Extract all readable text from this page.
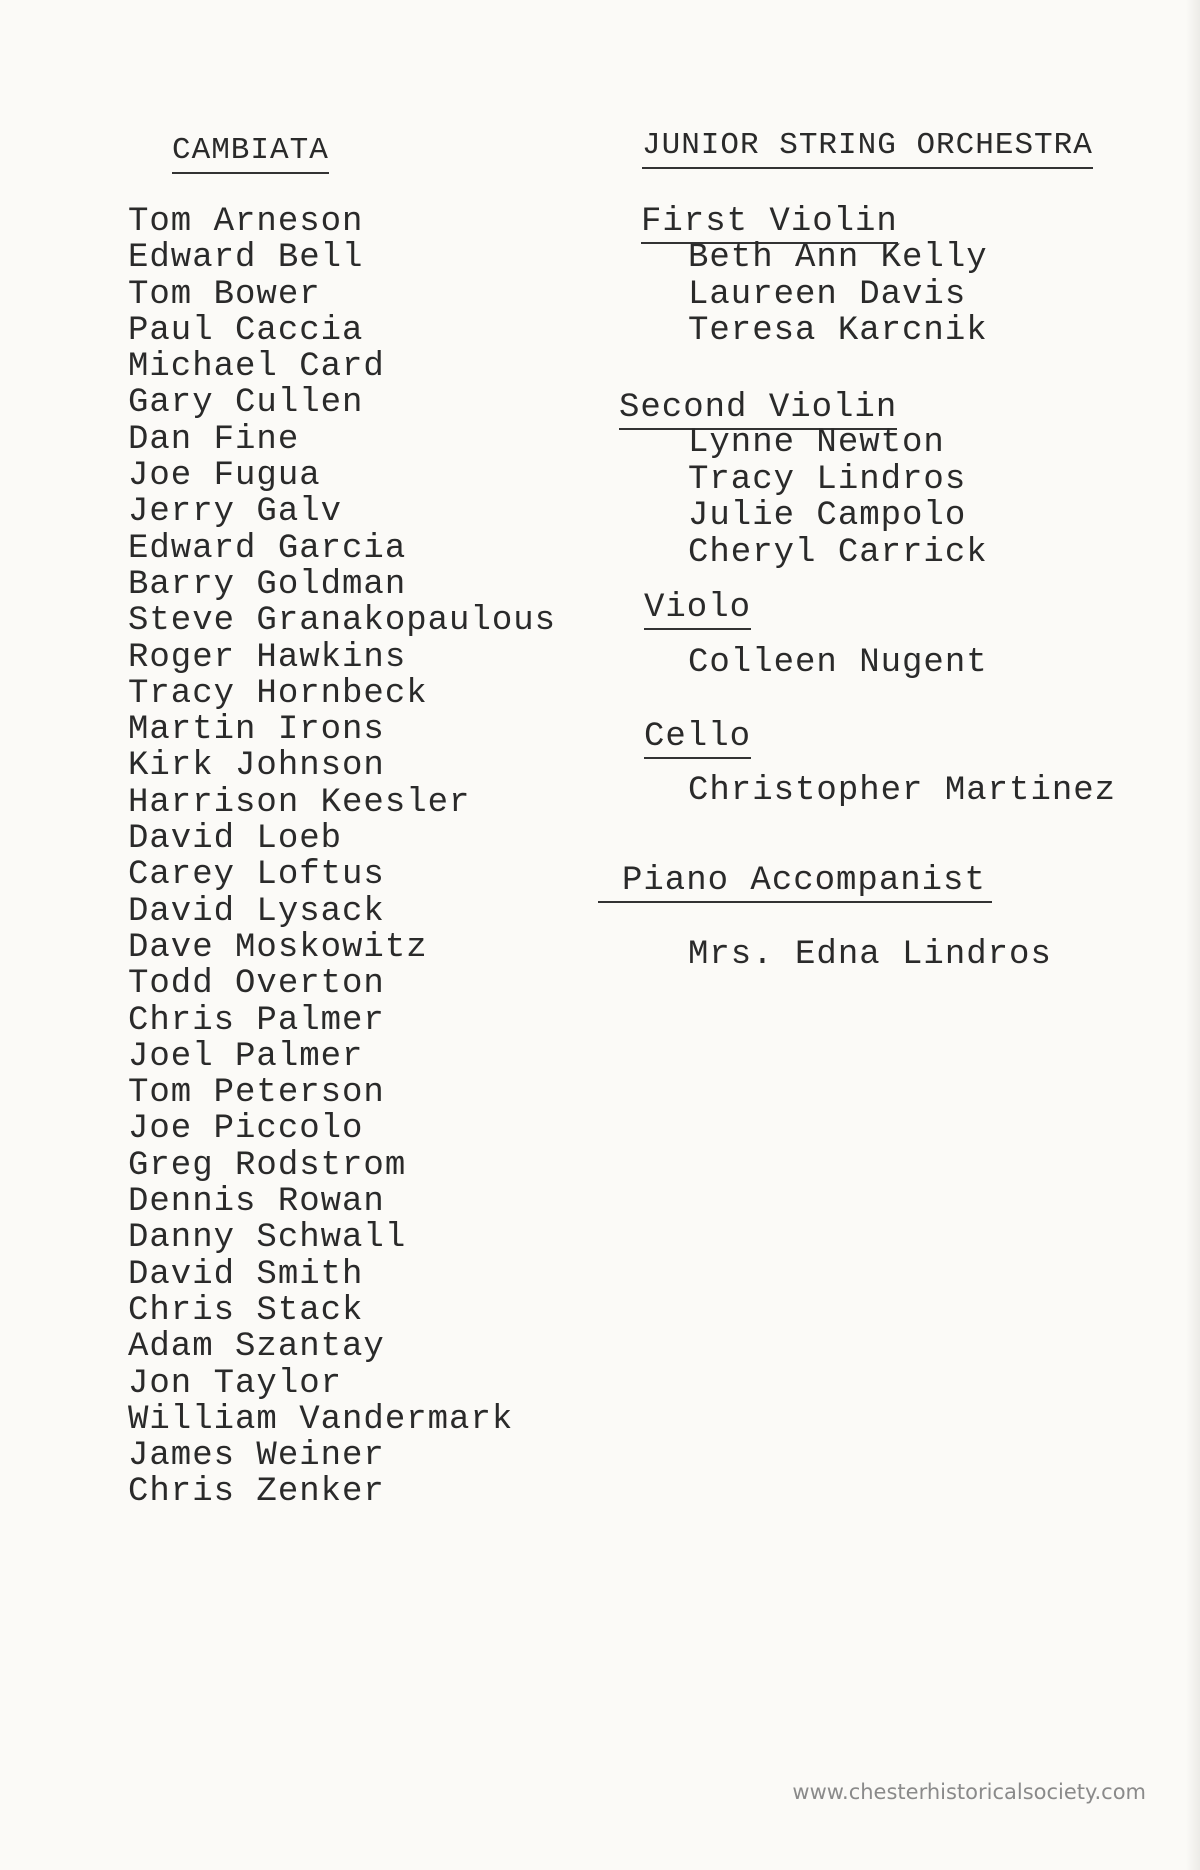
CAMBIATA
Tom Arneson
Edward Bell
Tom Bower
Paul Caccia
Michael Card
Gary Cullen
Dan Fine
Joe Fugua
Jerry Galv
Edward Garcia
Barry Goldman
Steve Granakopaulous
Roger Hawkins
Tracy Hornbeck
Martin Irons
Kirk Johnson
Harrison Keesler
David Loeb
Carey Loftus
David Lysack
Dave Moskowitz
Todd Overton
Chris Palmer
Joel Palmer
Tom Peterson
Joe Piccolo
Greg Rodstrom
Dennis Rowan
Danny Schwall
David Smith
Chris Stack
Adam Szantay
Jon Taylor
William Vandermark
James Weiner
Chris Zenker
JUNIOR STRING ORCHESTRA
First Violin
Beth Ann Kelly
Laureen Davis
Teresa Karcnik
Second Violin
Lynne Newton
Tracy Lindros
Julie Campolo
Cheryl Carrick
Violo
Colleen Nugent
Cello
Christopher Martinez
Piano Accompanist
Mrs. Edna Lindros
www.chesterhistoricalsociety.com
